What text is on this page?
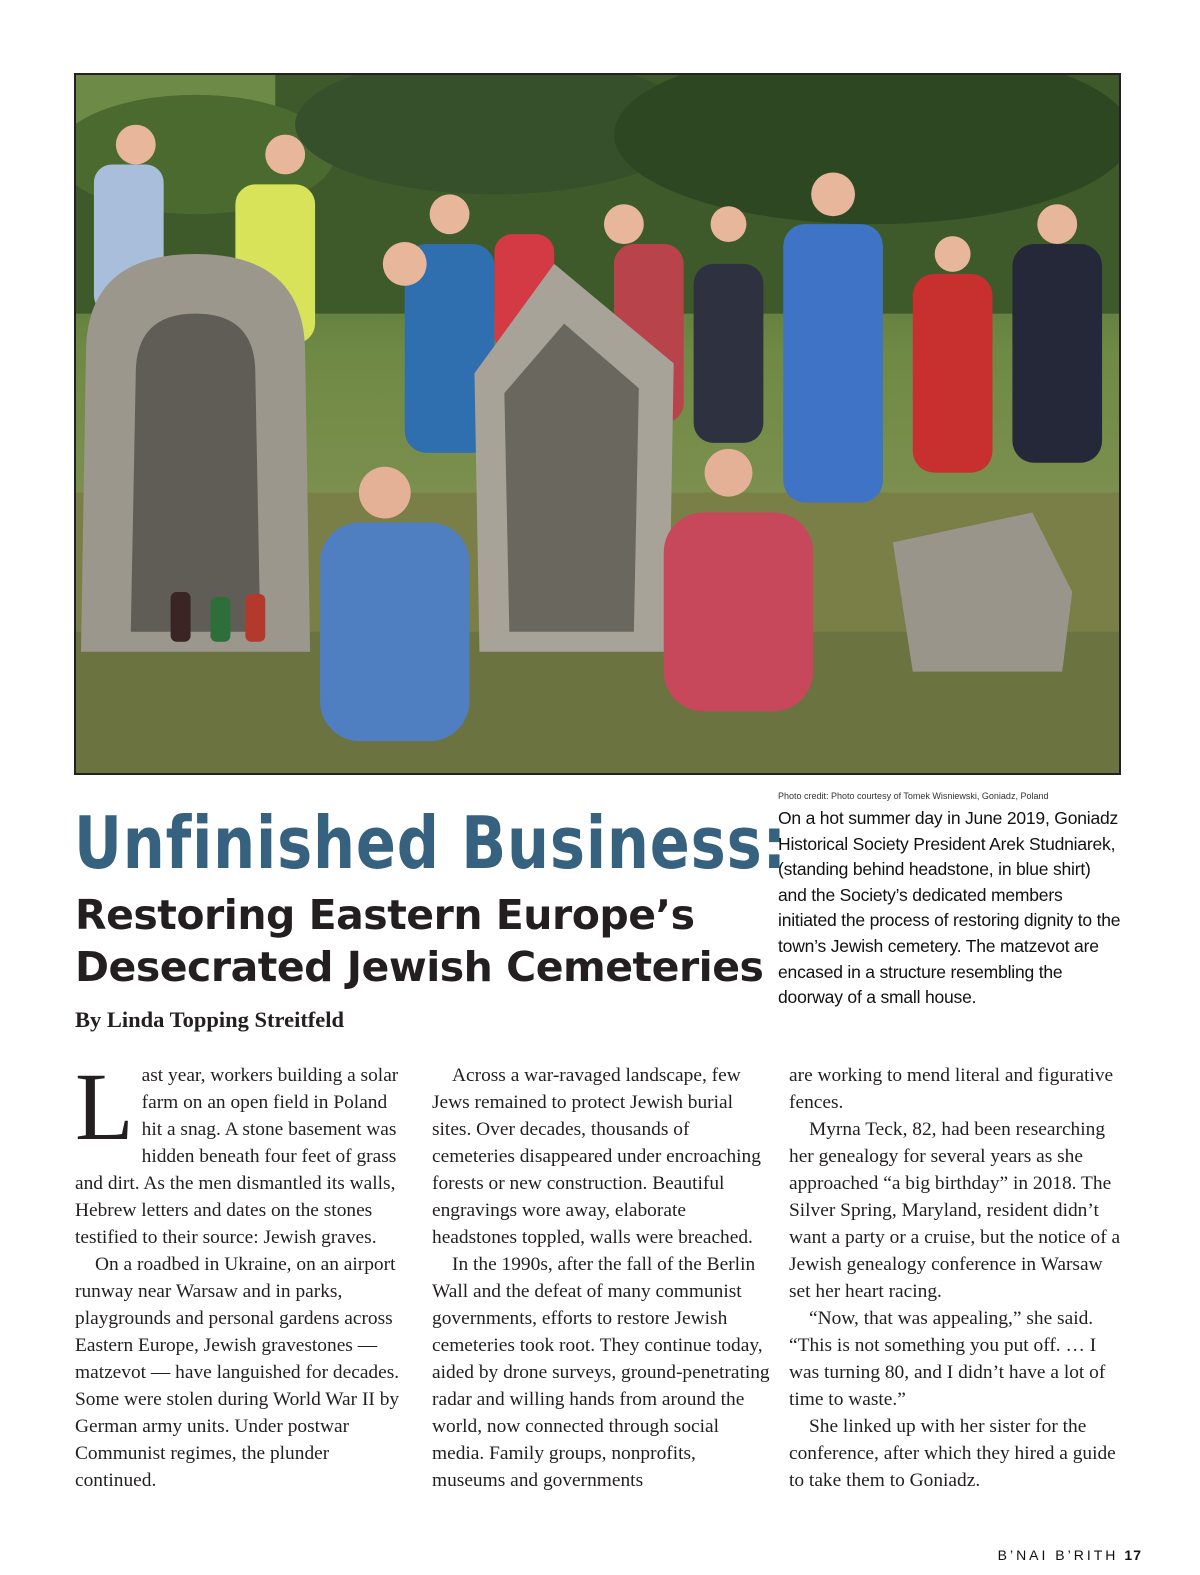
Photo credit: Photo courtesy of Tomek Wisniewski, Goniadz, Poland
On a hot summer day in June 2019, Goniadz Historical Society President Arek Studniarek, (standing behind headstone, in blue shirt) and the Society’s dedicated members initiated the process of restoring dignity to the town’s Jewish cemetery. The matzevot are encased in a structure resembling the doorway of a small house.
Unfinished Business:
Restoring Eastern Europe’s Desecrated Jewish Cemeteries
By Linda Topping Streitfeld

Last year, workers building a solar farm on an open field in Poland hit a snag. A stone basement was hidden beneath four feet of grass and dirt. As the men dismantled its walls, Hebrew letters and dates on the stones testified to their source: Jewish graves.

On a roadbed in Ukraine, on an airport runway near Warsaw and in parks, playgrounds and personal gardens across Eastern Europe, Jewish gravestones — matzevot — have languished for decades. Some were stolen during World War II by German army units. Under postwar Communist regimes, the plunder continued.

Across a war-ravaged landscape, few Jews remained to protect Jewish burial sites. Over decades, thousands of cemeteries disappeared under encroaching forests or new construction. Beautiful engravings wore away, elaborate headstones toppled, walls were breached.

In the 1990s, after the fall of the Berlin Wall and the defeat of many communist governments, efforts to restore Jewish cemeteries took root. They continue today, aided by drone surveys, ground-penetrating radar and willing hands from around the world, now connected through social media. Family groups, nonprofits, museums and governments

are working to mend literal and figurative fences.

Myrna Teck, 82, had been researching her genealogy for several years as she approached “a big birthday” in 2018. The Silver Spring, Maryland, resident didn’t want a party or a cruise, but the notice of a Jewish genealogy conference in Warsaw set her heart racing.

“Now, that was appealing,” she said. “This is not something you put off. … I was turning 80, and I didn’t have a lot of time to waste.”

She linked up with her sister for the conference, after which they hired a guide to take them to Goniadz.

B’NAI B’RITH 17
